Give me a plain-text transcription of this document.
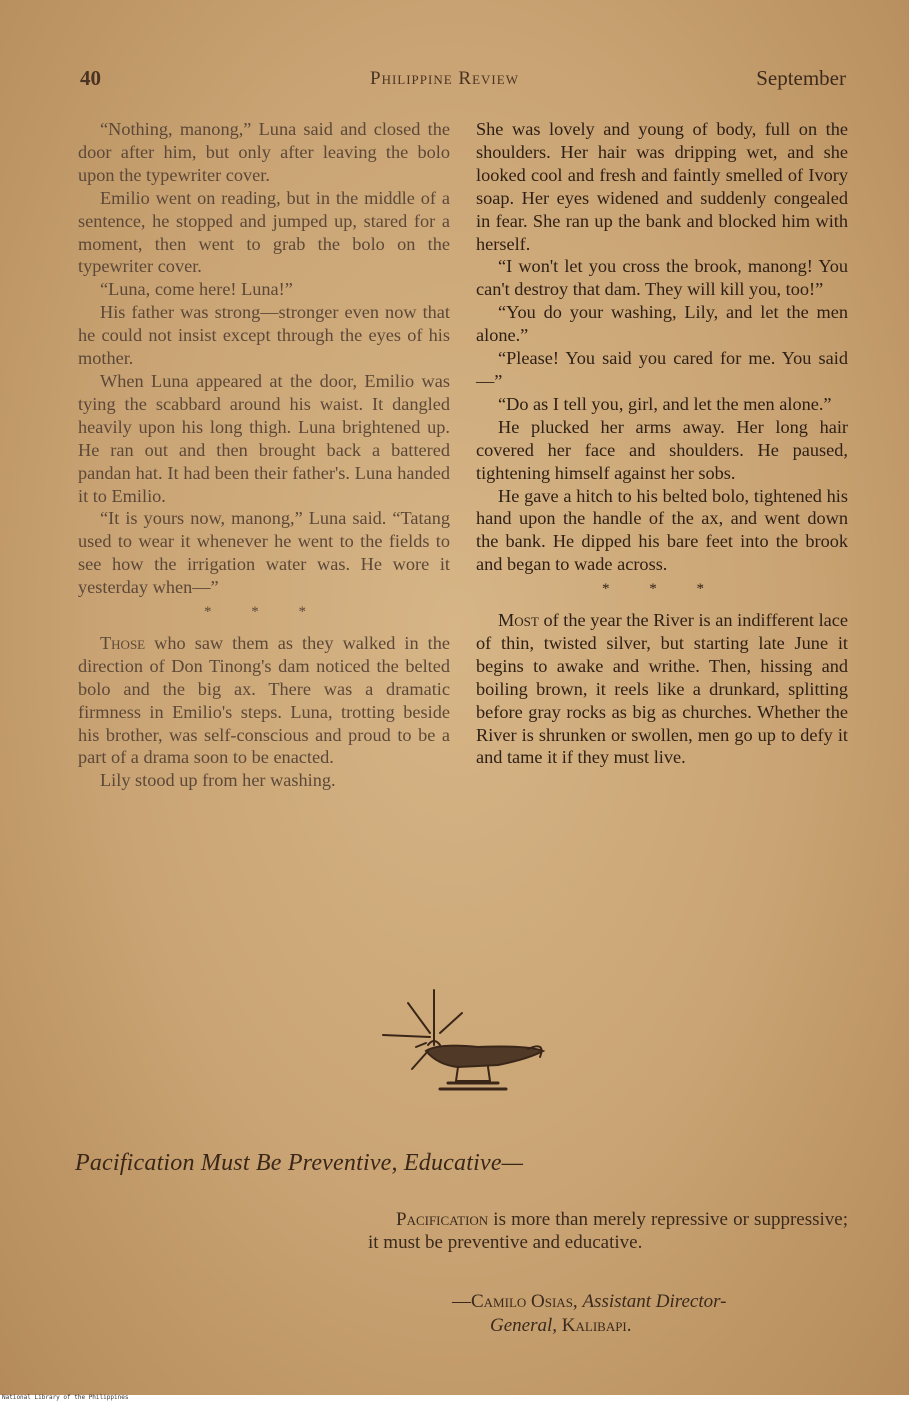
40	Philippine Review	September

“Nothing, manong,” Luna said and closed the door after him, but only after leaving the bolo upon the typewriter cover.

Emilio went on reading, but in the middle of a sentence, he stopped and jumped up, stared for a moment, then went to grab the bolo on the typewriter cover.

“Luna, come here! Luna!”

His father was strong—stronger even now that he could not insist except through the eyes of his mother.

When Luna appeared at the door, Emilio was tying the scabbard around his waist. It dangled heavily upon his long thigh. Luna brightened up. He ran out and then brought back a battered pandan hat. It had been their father's. Luna handed it to Emilio.

“It is yours now, manong,” Luna said. “Tatang used to wear it whenever he went to the fields to see how the irrigation water was. He wore it yesterday when—”

* * *

Those who saw them as they walked in the direction of Don Tinong's dam noticed the belted bolo and the big ax. There was a dramatic firmness in Emilio's steps. Luna, trotting beside his brother, was self-conscious and proud to be a part of a drama soon to be enacted.

Lily stood up from her washing.

She was lovely and young of body, full on the shoulders. Her hair was dripping wet, and she looked cool and fresh and faintly smelled of Ivory soap. Her eyes widened and suddenly congealed in fear. She ran up the bank and blocked him with herself.

“I won't let you cross the brook, manong! You can't destroy that dam. They will kill you, too!”

“You do your washing, Lily, and let the men alone.”

“Please! You said you cared for me. You said—”

“Do as I tell you, girl, and let the men alone.”

He plucked her arms away. Her long hair covered her face and shoulders. He paused, tightening himself against her sobs.

He gave a hitch to his belted bolo, tightened his hand upon the handle of the ax, and went down the bank. He dipped his bare feet into the brook and began to wade across.

* * *

Most of the year the River is an indifferent lace of thin, twisted silver, but starting late June it begins to awake and writhe. Then, hissing and boiling brown, it reels like a drunkard, splitting before gray rocks as big as churches. Whether the River is shrunken or swollen, men go up to defy it and tame it if they must live.

Pacification Must Be Preventive, Educative—

Pacification is more than merely repressive or suppressive; it must be preventive and educative.

—Camilo Osias, Assistant Director-
General, Kalibapi.
National Library of the Philippines
